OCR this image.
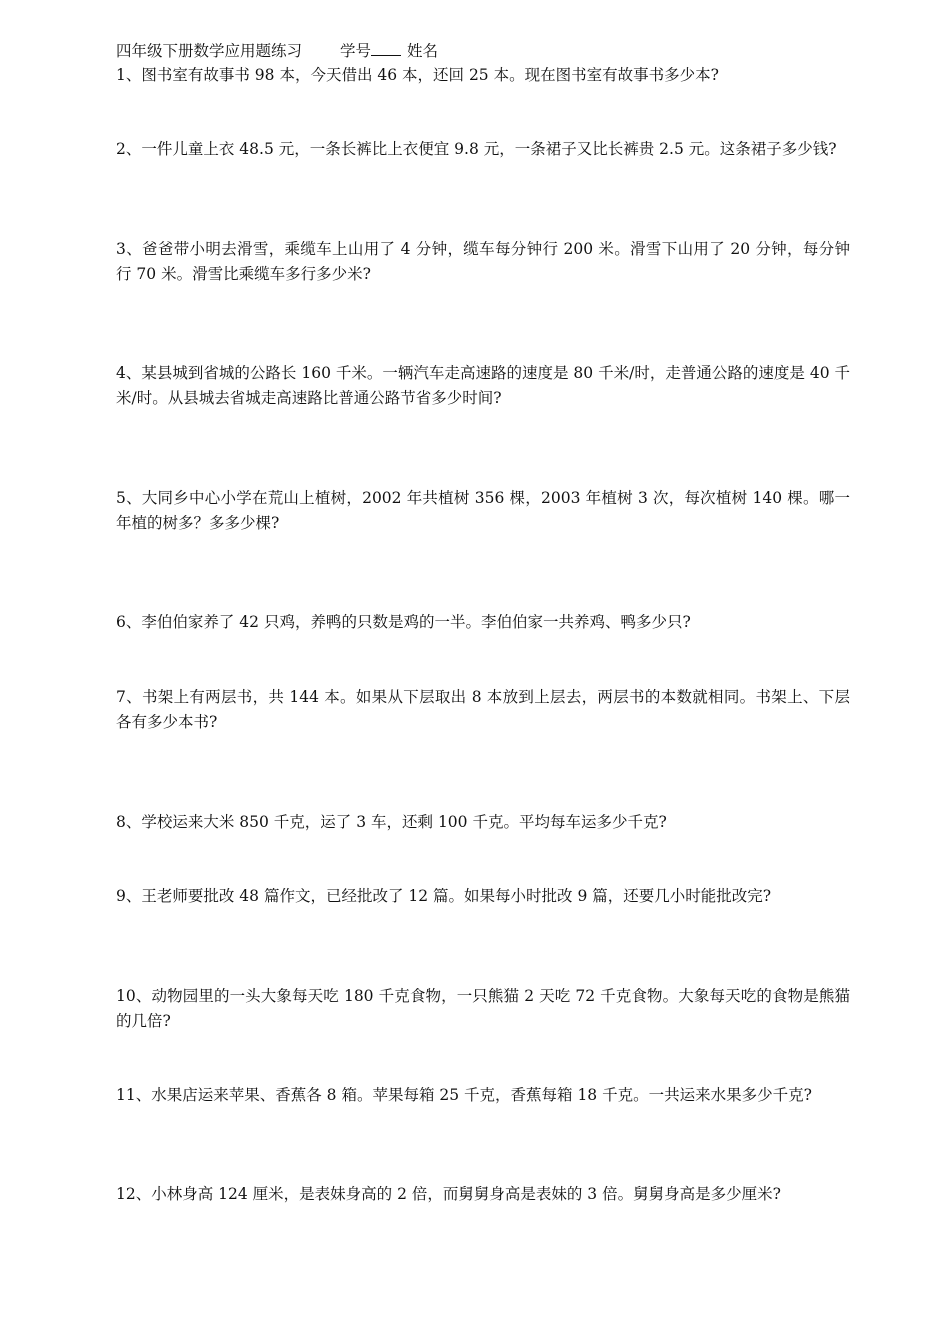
四年级下册数学应用题练习 学号 姓名
1、图书室有故事书 98 本，今天借出 46 本，还回 25 本。现在图书室有故事书多少本?
2、一件儿童上衣 48.5 元，一条长裤比上衣便宜 9.8 元，一条裙子又比长裤贵 2.5 元。这条裙子多少钱?
3、爸爸带小明去滑雪，乘缆车上山用了 4 分钟，缆车每分钟行 200 米。滑雪下山用了 20 分钟，每分钟行 70 米。滑雪比乘缆车多行多少米?
4、某县城到省城的公路长 160 千米。一辆汽车走高速路的速度是 80 千米/时，走普通公路的速度是 40 千米/时。从县城去省城走高速路比普通公路节省多少时间?
5、大同乡中心小学在荒山上植树，2002 年共植树 356 棵，2003 年植树 3 次，每次植树 140 棵。哪一年植的树多？多多少棵?
6、李伯伯家养了 42 只鸡，养鸭的只数是鸡的一半。李伯伯家一共养鸡、鸭多少只?
7、书架上有两层书，共 144 本。如果从下层取出 8 本放到上层去，两层书的本数就相同。书架上、下层各有多少本书?
8、学校运来大米 850 千克，运了 3 车，还剩 100 千克。平均每车运多少千克?
9、王老师要批改 48 篇作文，已经批改了 12 篇。如果每小时批改 9 篇，还要几小时能批改完?
10、动物园里的一头大象每天吃 180 千克食物，一只熊猫 2 天吃 72 千克食物。大象每天吃的食物是熊猫的几倍?
11、水果店运来苹果、香蕉各 8 箱。苹果每箱 25 千克，香蕉每箱 18 千克。一共运来水果多少千克?
12、小林身高 124 厘米，是表妹身高的 2 倍，而舅舅身高是表妹的 3 倍。舅舅身高是多少厘米?
